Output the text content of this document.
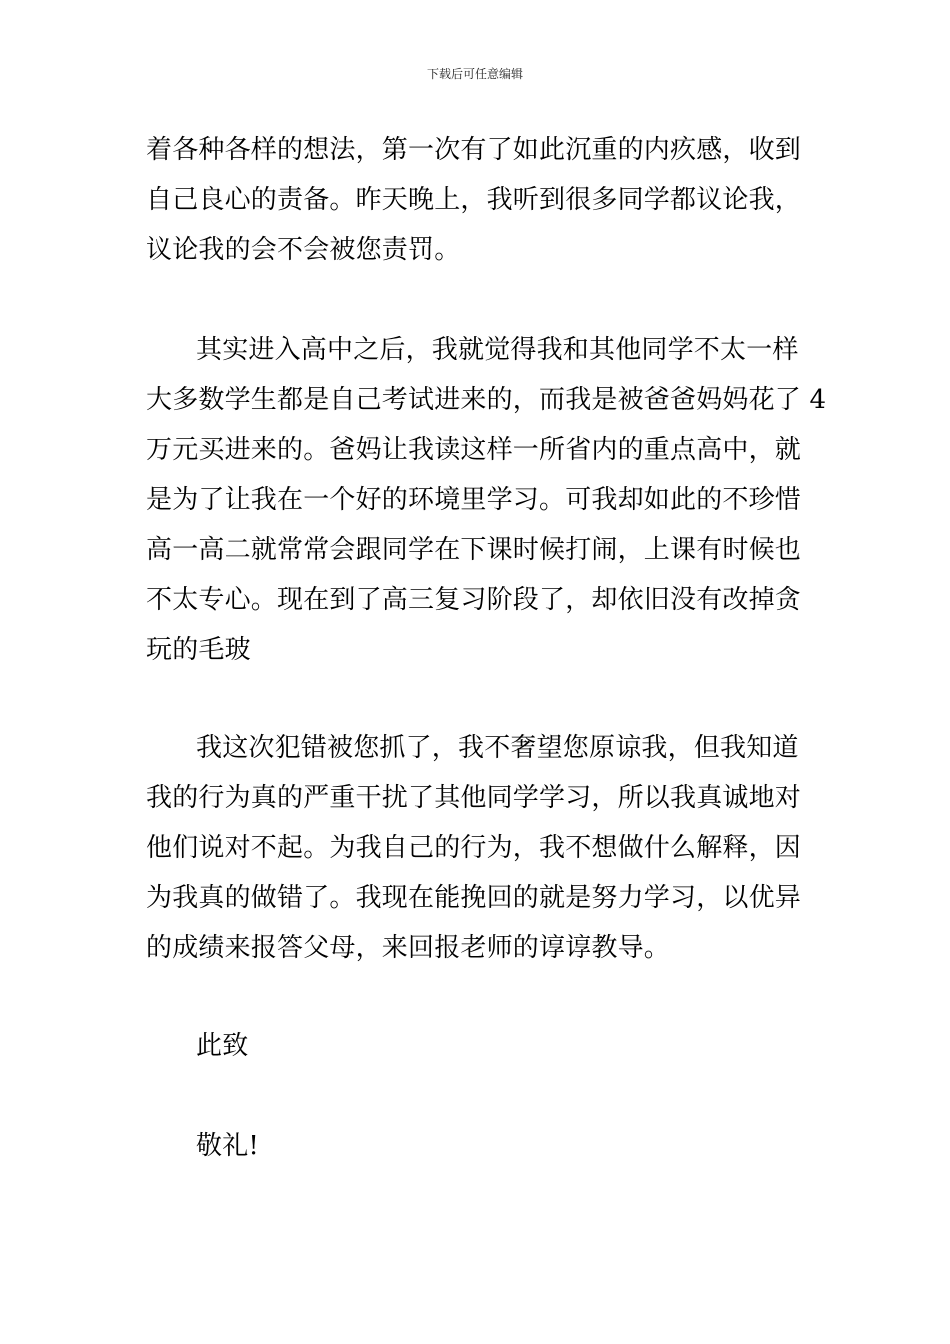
下载后可任意编辑
着各种各样的想法，第一次有了如此沉重的内疚感，收到
自己良心的责备。昨天晚上，我听到很多同学都议论我，
议论我的会不会被您责罚。
其实进入高中之后，我就觉得我和其他同学不太一样
大多数学生都是自己考试进来的，而我是被爸爸妈妈花了 4
万元买进来的。爸妈让我读这样一所省内的重点高中，就
是为了让我在一个好的环境里学习。可我却如此的不珍惜
高一高二就常常会跟同学在下课时候打闹，上课有时候也
不太专心。现在到了高三复习阶段了，却依旧没有改掉贪
玩的毛玻
我这次犯错被您抓了，我不奢望您原谅我，但我知道
我的行为真的严重干扰了其他同学学习，所以我真诚地对
他们说对不起。为我自己的行为，我不想做什么解释，因
为我真的做错了。我现在能挽回的就是努力学习，以优异
的成绩来报答父母，来回报老师的谆谆教导。
此致
敬礼!
